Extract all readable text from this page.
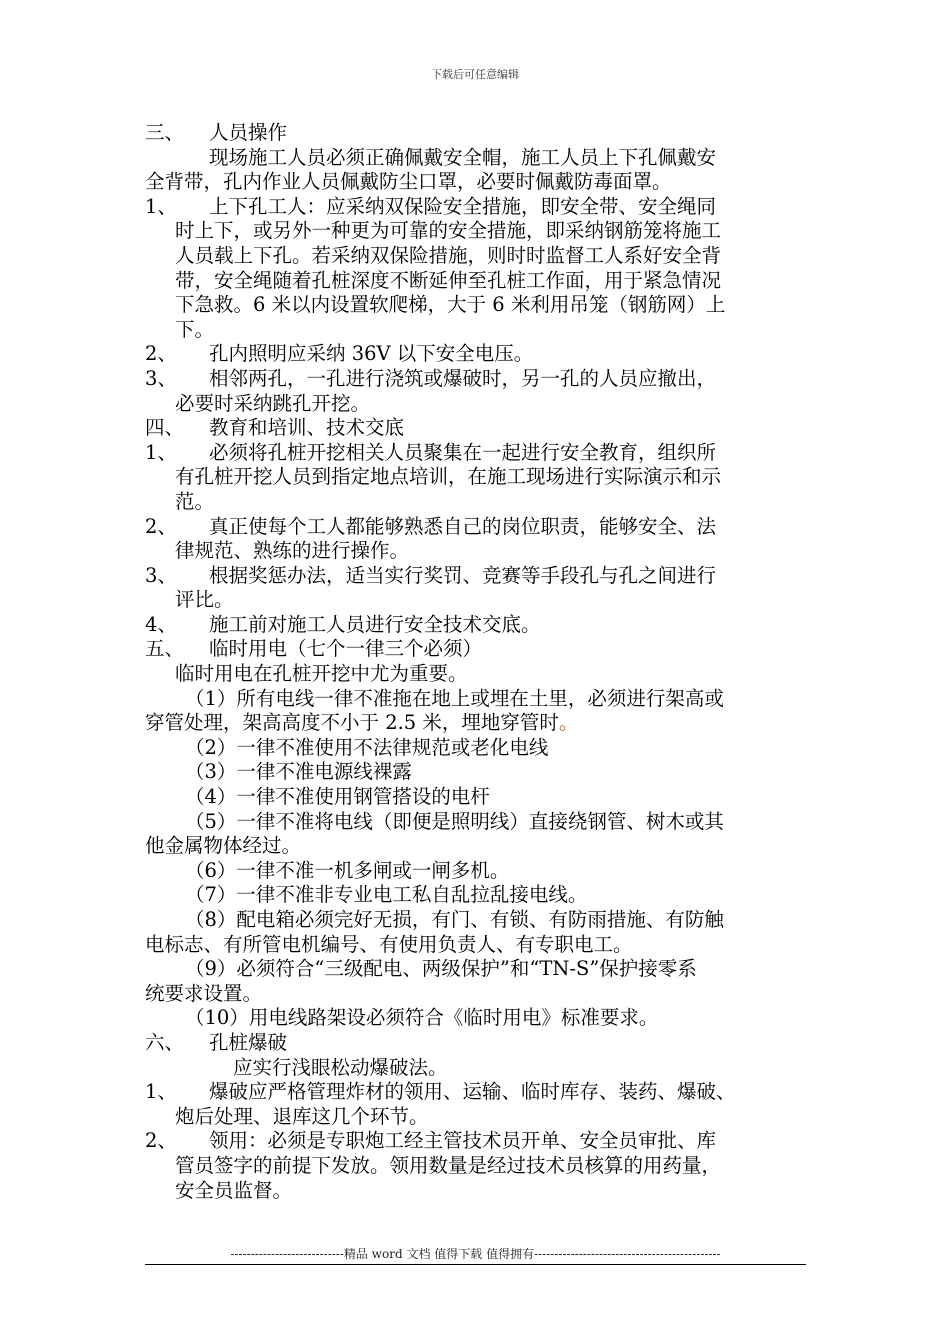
下载后可任意编辑
三、 人员操作
现场施工人员必须正确佩戴安全帽，施工人员上下孔佩戴安
全背带，孔内作业人员佩戴防尘口罩，必要时佩戴防毒面罩。
1、 上下孔工人：应采纳双保险安全措施，即安全带、安全绳同
时上下，或另外一种更为可靠的安全措施，即采纳钢筋笼将施工
人员载上下孔。若采纳双保险措施，则时时监督工人系好安全背
带，安全绳随着孔桩深度不断延伸至孔桩工作面，用于紧急情况
下急救。6 米以内设置软爬梯，大于 6 米利用吊笼（钢筋网）上
下。
2、 孔内照明应采纳 36V 以下安全电压。
3、 相邻两孔，一孔进行浇筑或爆破时，另一孔的人员应撤出，
必要时采纳跳孔开挖。
四、 教育和培训、技术交底
1、 必须将孔桩开挖相关人员聚集在一起进行安全教育，组织所
有孔桩开挖人员到指定地点培训，在施工现场进行实际演示和示
范。
2、 真正使每个工人都能够熟悉自己的岗位职责，能够安全、法
律规范、熟练的进行操作。
3、 根据奖惩办法，适当实行奖罚、竞赛等手段孔与孔之间进行
评比。
4、 施工前对施工人员进行安全技术交底。
五、 临时用电（七个一律三个必须）
临时用电在孔桩开挖中尤为重要。
（1）所有电线一律不准拖在地上或埋在土里，必须进行架高或
穿管处理，架高高度不小于 2.5 米，埋地穿管时。
（2）一律不准使用不法律规范或老化电线
（3）一律不准电源线裸露
（4）一律不准使用钢管搭设的电杆
（5）一律不准将电线（即便是照明线）直接绕钢管、树木或其
他金属物体经过。
（6）一律不准一机多闸或一闸多机。
（7）一律不准非专业电工私自乱拉乱接电线。
（8）配电箱必须完好无损，有门、有锁、有防雨措施、有防触
电标志、有所管电机编号、有使用负责人、有专职电工。
（9）必须符合“三级配电、两级保护”和“TN-S”保护接零系
统要求设置。
（10）用电线路架设必须符合《临时用电》标准要求。
六、 孔桩爆破
应实行浅眼松动爆破法。
1、 爆破应严格管理炸材的领用、运输、临时库存、装药、爆破、
炮后处理、退库这几个环节。
2、 领用：必须是专职炮工经主管技术员开单、安全员审批、库
管员签字的前提下发放。领用数量是经过技术员核算的用药量，
安全员监督。
----------------------------精品 word 文档 值得下载 值得拥有----------------------------------------------
